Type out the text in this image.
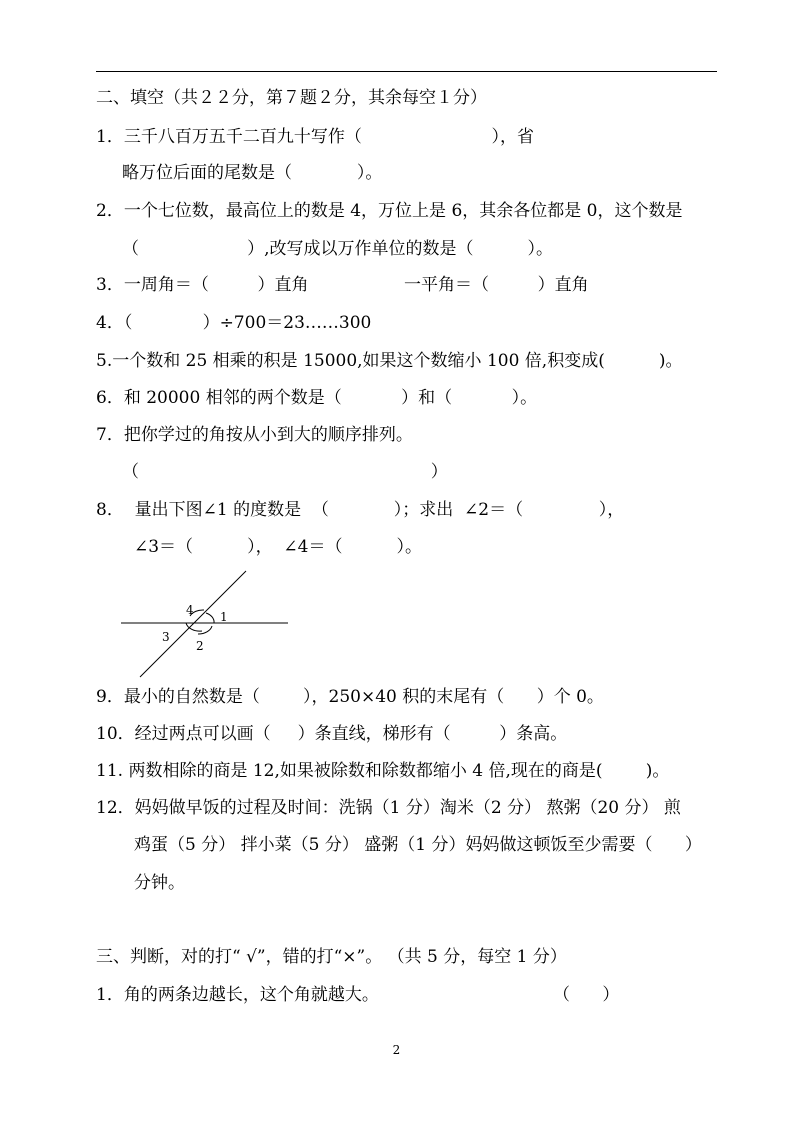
二、填空（共２２分，第７题２分，其余每空１分）
1．三千八百万五千二百九十写作（                        ），省
略万位后面的尾数是（            ）。
2．一个七位数，最高位上的数是 4，万位上是 6，其余各位都是 0，这个数是
（                    ）,改写成以万作单位的数是（          ）。
3．一周角＝（         ）直角	一平角＝（         ）直角
4．（             ）÷700＝23……300
5.一个数和 25 相乘的积是 15000,如果这个数缩小 100 倍,积变成(          )。
6．和 20000 相邻的两个数是（           ）和（           ）。
7．把你学过的角按从小到大的顺序排列。
（                                                      ）
8．  量出下图∠1 的度数是  （            ）；求出  ∠2＝（              ），
∠3＝（          ），  ∠4＝（          ）。
1
2
3
4
9．最小的自然数是（        ），250×40 积的末尾有（      ）个 0。
10．经过两点可以画（     ）条直线，梯形有（         ）条高。
11. 两数相除的商是 12,如果被除数和除数都缩小 4 倍,现在的商是(        )。
12．妈妈做早饭的过程及时间：洗锅（1 分）淘米（2 分） 熬粥（20 分） 煎
鸡蛋（5 分） 拌小菜（5 分） 盛粥（1 分）妈妈做这顿饭至少需要（      ）
分钟。
三、判断，对的打“ √”，错的打“×”。 （共 5 分，每空 1 分）
1．角的两条边越长，这个角就越大。	（      ）
2
